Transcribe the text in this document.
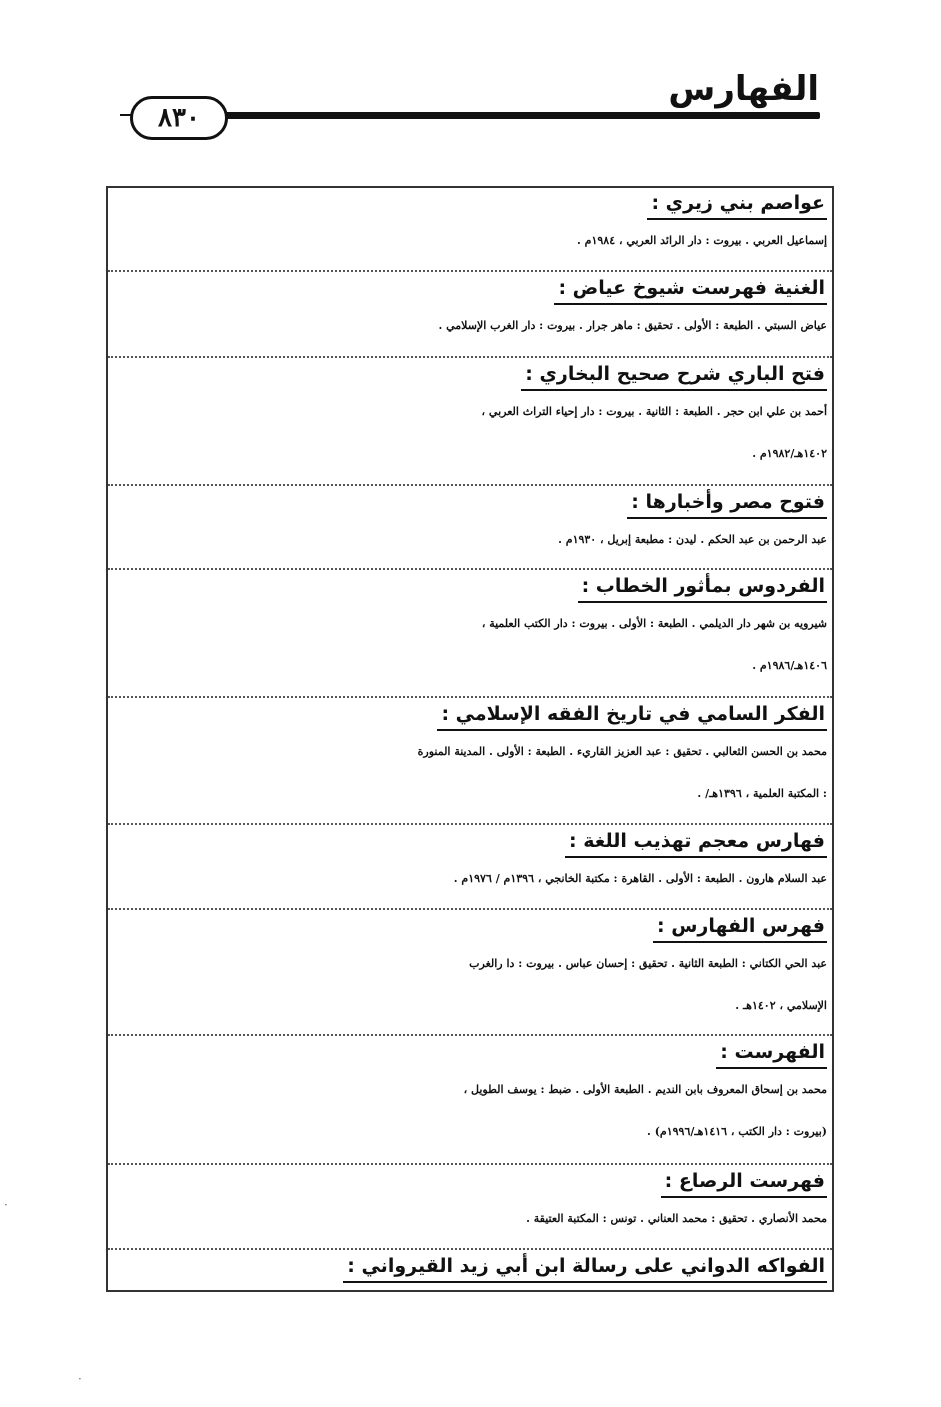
الفهارس
٨٣٠
عواصم بني زيري :
إسماعيل العربي . بيروت : دار الرائد العربي ، ١٩٨٤م .
الغنية فهرست شيوخ عياض :
عياض السبتي . الطبعة : الأولى . تحقيق : ماهر جرار . بيروت : دار الغرب الإسلامي .
فتح الباري شرح صحيح البخاري :
أحمد بن علي ابن حجر . الطبعة : الثانية . بيروت : دار إحياء التراث العربي ،
١٤٠٢هـ/١٩٨٢م .
فتوح مصر وأخبارها :
عبد الرحمن بن عبد الحكم . ليدن : مطبعة إبريل ، ١٩٣٠م .
الفردوس بمأثور الخطاب :
شيرويه بن شهر دار الديلمي . الطبعة : الأولى . بيروت : دار الكتب العلمية ،
١٤٠٦هـ/١٩٨٦م .
الفكر السامي في تاريخ الفقه الإسلامي :
محمد بن الحسن الثعالبي . تحقيق : عبد العزيز القاريء . الطبعة : الأولى . المدينة المنورة
: المكتبة العلمية ، ١٣٩٦هـ/ .
فهارس معجم تهذيب اللغة :
عبد السلام هارون . الطبعة : الأولى . القاهرة : مكتبة الخانجي ، ١٣٩٦م / ١٩٧٦م .
فهرس الفهارس :
عبد الحي الكتاني : الطبعة الثانية . تحقيق : إحسان عباس . بيروت : دا رالغرب
الإسلامي ، ١٤٠٢هـ .
الفهرست :
محمد بن إسحاق المعروف بابن النديم . الطبعة الأولى . ضبط : يوسف الطويل ،
(بيروت : دار الكتب ، ١٤١٦هـ/١٩٩٦م) .
فهرست الرصاع :
محمد الأنصاري . تحقيق : محمد العناني . تونس : المكتبة العتيقة .
الفواكه الدواني على رسالة ابن أبي زيد القيرواني :
·
·
